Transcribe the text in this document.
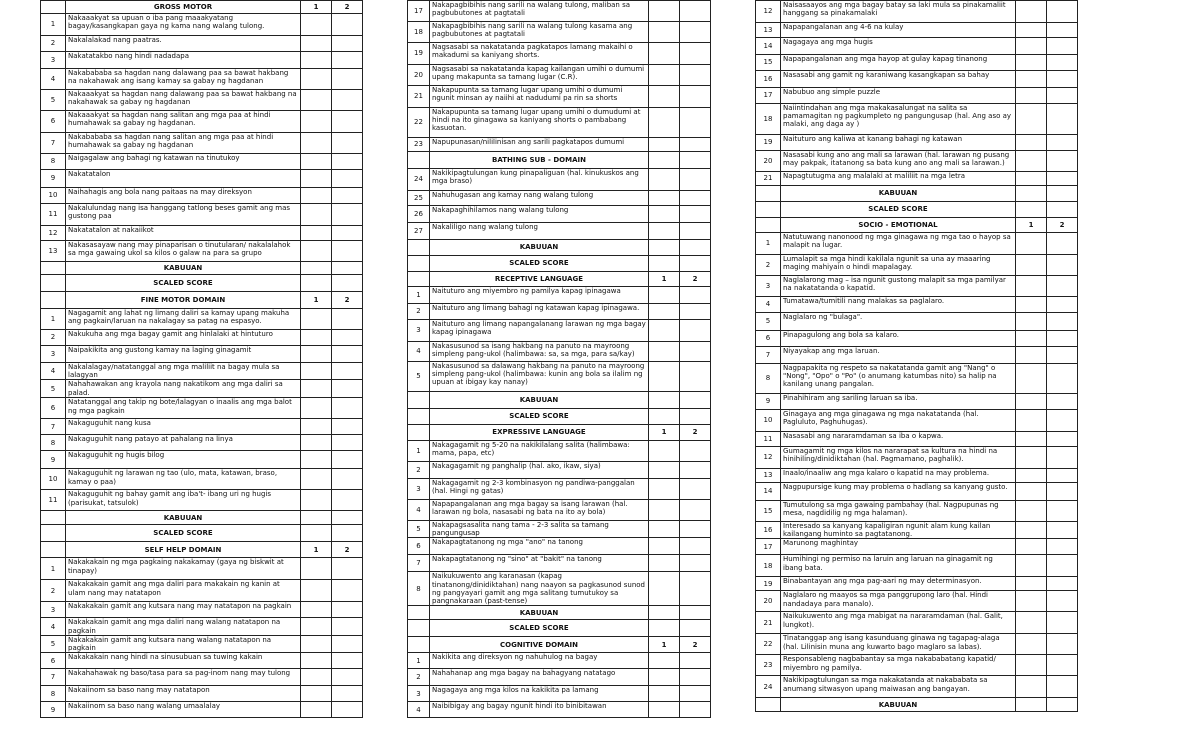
	GROSS MOTOR	1	2
1	Nakaaakyat sa upuan o iba pang maaakyatang bagay/kasangkapan gaya ng kama nang walang tulong.		
2	Nakalalakad nang paatras.		
3	Nakatatakbo nang hindi nadadapa		
4	Nakabababa sa hagdan nang dalawang paa sa bawat hakbang na nakahawak ang isang kamay sa gabay ng hagdanan		
5	Nakaaakyat sa hagdan nang dalawang paa sa bawat hakbang na nakahawak sa gabay ng hagdanan		
6	Nakaaakyat sa hagdan nang salitan ang mga paa at hindi humahawak sa gabay ng hagdanan.		
7	Nakabababa sa hagdan nang salitan ang mga paa at hindi humahawak sa gabay ng hagdanan		
8	Naigagalaw ang bahagi ng katawan na tinutukoy		
9	Nakatatalon		
10	Naihahagis ang bola nang paitaas na may direksyon		
11	Nakalulundag nang isa hanggang tatlong beses gamit ang mas gustong paa		
12	Nakatatalon at nakaiikot		
13	Nakasasayaw nang may pinaparisan o tinutularan/ nakalalahok sa mga gawaing ukol sa kilos o galaw na para sa grupo		
	KABUUAN		
	SCALED SCORE		
	FINE MOTOR DOMAIN	1	2
1	Nagagamit ang lahat ng limang daliri sa kamay upang makuha ang pagkain/laruan na nakalagay sa patag na espasyo.		
2	Nakukuha ang mga bagay gamit ang hinlalaki at hintuturo		
3	Naipakikita ang gustong kamay na laging ginagamit		
4	Nakalalagay/natatanggal ang mga maliliit na bagay mula sa lalagyan		
5	Nahahawakan ang krayola nang nakatikom ang mga daliri sa palad.		
6	Natatanggal ang takip ng bote/lalagyan o inaalis ang mga balot ng mga pagkain		
7	Nakaguguhit nang kusa		
8	Nakaguguhit nang patayo at pahalang na linya		
9	Nakaguguhit ng hugis bilog		
10	Nakaguguhit ng larawan ng tao (ulo, mata, katawan, braso, kamay o paa)		
11	Nakaguguhit ng bahay gamit ang iba't- ibang uri ng hugis (parisukat, tatsulok)		
	KABUUAN		
	SCALED SCORE		
	SELF HELP DOMAIN	1	2
1	Nakakakain ng mga pagkaing nakakamay (gaya ng biskwit at tinapay)		
2	Nakakakain gamit ang mga daliri para makakain ng kanin at ulam nang may natatapon		
3	Nakakakain gamit ang kutsara nang may natatapon na pagkain		
4	Nakakakain gamit ang mga daliri nang walang natatapon na pagkain		
5	Nakakakain gamit ang kutsara nang walang natatapon na pagkain		
6	Nakakakain nang hindi na sinusubuan sa tuwing kakain		
7	Nakahahawak ng baso/tasa para sa pag-inom nang may tulong		
8	Nakaiinom sa baso nang may natatapon		
9	Nakaiinom sa baso nang walang umaalalay		
17	Nakapagbibihis nang sarili na walang tulong, maliban sa pagbubutones at pagtatali		
18	Nakapagbibihis nang sarili na walang tulong kasama ang pagbubutones at pagtatali		
19	Nagsasabi sa nakatatanda pagkatapos lamang makaihi o makadumi sa kaniyang shorts.		
20	Nagsasabi sa nakatatanda kapag kailangan umihi o dumumi upang makapunta sa tamang lugar (C.R).		
21	Nakapupunta sa tamang lugar upang umihi o dumumi ngunit minsan ay naiihi at nadudumi pa rin sa shorts		
22	Nakapupunta sa tamang lugar upang umihi o dumudumi at hindi na ito ginagawa sa kaniyang shorts o pambabang kasuotan.		
23	Napupunasan/nililinisan ang sarili pagkatapos dumumi		
	BATHING SUB - DOMAIN		
24	Nakikipagtulungan kung pinapaliguan (hal. kinukuskos ang mga braso)		
25	Nahuhugasan ang kamay nang walang tulong		
26	Nakapaghihilamos nang walang tulong		
27	Nakaliligo nang walang tulong		
	KABUUAN		
	SCALED SCORE		
	RECEPTIVE LANGUAGE	1	2
1	Naituturo ang miyembro ng pamilya kapag ipinagawa		
2	Naituturo ang limang bahagi ng katawan kapag ipinagawa.		
3	Naituturo ang limang napangalanang larawan ng mga bagay kapag ipinagawa		
4	Nakasusunod sa isang hakbang na panuto na mayroong simpleng pang-ukol (halimbawa: sa, sa mga, para sa/kay)		
5	Nakasusunod sa dalawang hakbang na panuto na mayroong simpleng pang-ukol (halimbawa: kunin ang bola sa ilalim ng upuan at ibigay kay nanay)		
	KABUUAN		
	SCALED SCORE		
	EXPRESSIVE LANGUAGE	1	2
1	Nakagagamit ng 5-20 na nakikilalang salita (halimbawa: mama, papa, etc)		
2	Nakagagamit ng panghalip (hal. ako, ikaw, siya)		
3	Nakagagamit ng 2-3 kombinasyon ng pandiwa-panggalan (hal. Hingi ng gatas)		
4	Napapangalanan ang mga bagay sa isang larawan (hal. larawan ng bola, nasasabi ng bata na ito ay bola)		
5	Nakapagsasalita nang tama - 2-3 salita sa tamang pangungusap		
6	Nakapagtatanong ng mga "ano" na tanong		
7	Nakapagtatanong ng "sino" at "bakit" na tanong		
8	Naikukuwento ang karanasan (kapag tinatanong/dinidiktahan) nang naayon sa pagkasunod sunod ng pangyayari gamit ang mga salitang tumutukoy sa pangnakaraan (past-tense)		
	KABUUAN		
	SCALED SCORE		
	COGNITIVE DOMAIN	1	2
1	Nakikita ang direksyon ng nahuhulog na bagay		
2	Nahahanap ang mga bagay na bahagyang natatago		
3	Nagagaya ang mga kilos na kakikita pa lamang		
4	Naibibigay ang bagay ngunit hindi ito binibitawan		
12	Naisasaayos ang mga bagay batay sa laki mula sa pinakamaliit hanggang sa pinakamalaki		
13	Napapangalanan ang 4-6 na kulay		
14	Nagagaya ang mga hugis		
15	Napapangalanan ang mga hayop at gulay kapag tinanong		
16	Nasasabi ang gamit ng karaniwang kasangkapan sa bahay		
17	Nabubuo ang simple puzzle		
18	Naiintindahan ang mga makakasalungat na salita sa pamamagitan ng pagkumpleto ng pangungusap (hal. Ang aso ay malaki, ang daga ay )		
19	Naituturo ang kaliwa at kanang bahagi ng katawan		
20	Nasasabi kung ano ang mali sa larawan (hal. larawan ng pusang may pakpak, itatanong sa bata kung ano ang mali sa larawan.)		
21	Napagtutugma ang malalaki at maliliit na mga letra		
	KABUUAN		
	SCALED SCORE		
	SOCIO - EMOTIONAL	1	2
1	Natutuwang nanonood ng mga ginagawa ng mga tao o hayop sa malapit na lugar.		
2	Lumalapit sa mga hindi kakilala ngunit sa una ay maaaring maging mahiyain o hindi mapalagay.		
3	Naglalarong mag – isa ngunit gustong malapit sa mga pamilyar na nakatatanda o kapatid.		
4	Tumatawa/tumitili nang malakas sa paglalaro.		
5	Naglalaro ng "bulaga".		
6	Pinapagulong ang bola sa kalaro.		
7	Niyayakap ang mga laruan.		
8	Nagpapakita ng respeto sa nakatatanda gamit ang "Nang" o "Nong", "Opo" o "Po" (o anumang katumbas nito) sa halip na kanilang unang pangalan.		
9	Pinahihiram ang sariling laruan sa iba.		
10	Ginagaya ang mga ginagawa ng mga nakatatanda (hal. Pagluluto, Paghuhugas).		
11	Nasasabi ang nararamdaman sa iba o kapwa.		
12	Gumagamit ng mga kilos na nararapat sa kultura na hindi na hinihiling/dinidiktahan (hal. Pagmamano, paghalik).		
13	Inaalo/inaaliw ang mga kalaro o kapatid na may problema.		
14	Nagpupursige kung may problema o hadlang sa kanyang gusto.		
15	Tumutulong sa mga gawaing pambahay (hal. Nagpupunas ng mesa, nagdidilig ng mga halaman).		
16	Interesado sa kanyang kapaligiran ngunit alam kung kailan kailangang huminto sa pagtatanong.		
17	Marunong maghintay		
18	Humihingi ng permiso na laruin ang laruan na ginagamit ng ibang bata.		
19	Binabantayan ang mga pag-aari ng may determinasyon.		
20	Naglalaro ng maayos sa mga panggrupong laro (hal. Hindi nandadaya para manalo).		
21	Naikukuwento ang mga mabigat na nararamdaman (hal. Galit, lungkot).		
22	Tinatanggap ang isang kasunduang ginawa ng tagapag-alaga (hal. Lilinisin muna ang kuwarto bago maglaro sa labas).		
23	Responsableng nagbabantay sa mga nakababatang kapatid/ miyembro ng pamilya.		
24	Nakikipagtulungan sa mga nakakatanda at nakababata sa anumang sitwasyon upang maiwasan ang bangayan.		
	KABUUAN		
